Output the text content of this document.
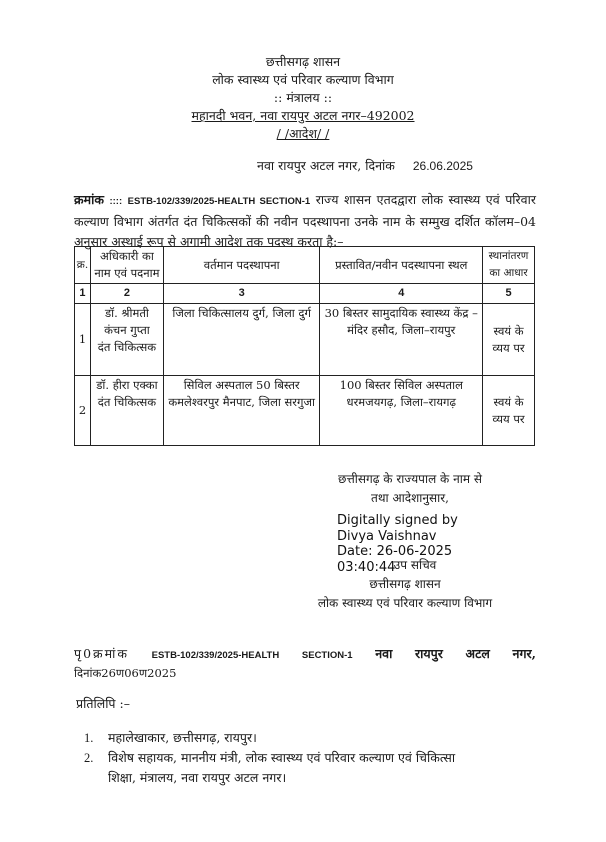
छत्तीसगढ़ शासन
लोक स्वास्थ्य एवं परिवार कल्याण विभाग
:: मंत्रालय ::
महानदी भवन, नवा रायपुर अटल नगर–492002
/ /आदेश/ /
नवा रायपुर अटल नगर, दिनांक 26.06.2025
क्रमांक :::: ESTB-102/339/2025-HEALTH SECTION-1 राज्य शासन एतदद्वारा लोक स्वास्थ्य एवं परिवार कल्याण विभाग अंतर्गत दंत चिकित्सकों की नवीन पदस्थापना उनके नाम के सम्मुख दर्शित कॉलम–04 अनुसार अस्थाई रूप से अगामी आदेश तक पदस्थ करता है:–
क्र.	अधिकारी का नाम एवं पदनाम	वर्तमान पदस्थापना	प्रस्तावित/नवीन पदस्थापना स्थल	स्थानांतरण का आधार
1	2	3	4	5
1	डॉ. श्रीमती कंचन गुप्ता
दंत चिकित्सक	जिला चिकित्सालय दुर्ग, जिला दुर्ग	30 बिस्तर सामुदायिक स्वास्थ्य केंद्र – मंदिर हसौद, जिला–रायपुर	स्वयं के व्यय पर
2	डॉ. हीरा एक्का
दंत चिकित्सक	सिविल अस्पताल 50 बिस्तर कमलेश्वरपुर मैनपाट, जिला सरगुजा	100 बिस्तर सिविल अस्पताल धरमजयगढ़, जिला–रायगढ़	स्वयं के व्यय पर
छत्तीसगढ़ के राज्यपाल के नाम से
तथा आदेशानुसार,
Digitally signed by
Divya Vaishnav
Date: 26-06-2025
03:40:44
उप सचिव
छत्तीसगढ़ शासन
लोक स्वास्थ्य एवं परिवार कल्याण विभाग
पृ0क्रमांक ESTB-102/339/2025-HEALTH SECTION-1 नवा रायपुर अटल नगर,
दिनांक26ण06ण2025
प्रतिलिपि :–
1. महालेखाकार, छत्तीसगढ़, रायपुर।
2. विशेष सहायक, माननीय मंत्री, लोक स्वास्थ्य एवं परिवार कल्याण एवं चिकित्सा
शिक्षा, मंत्रालय, नवा रायपुर अटल नगर।
